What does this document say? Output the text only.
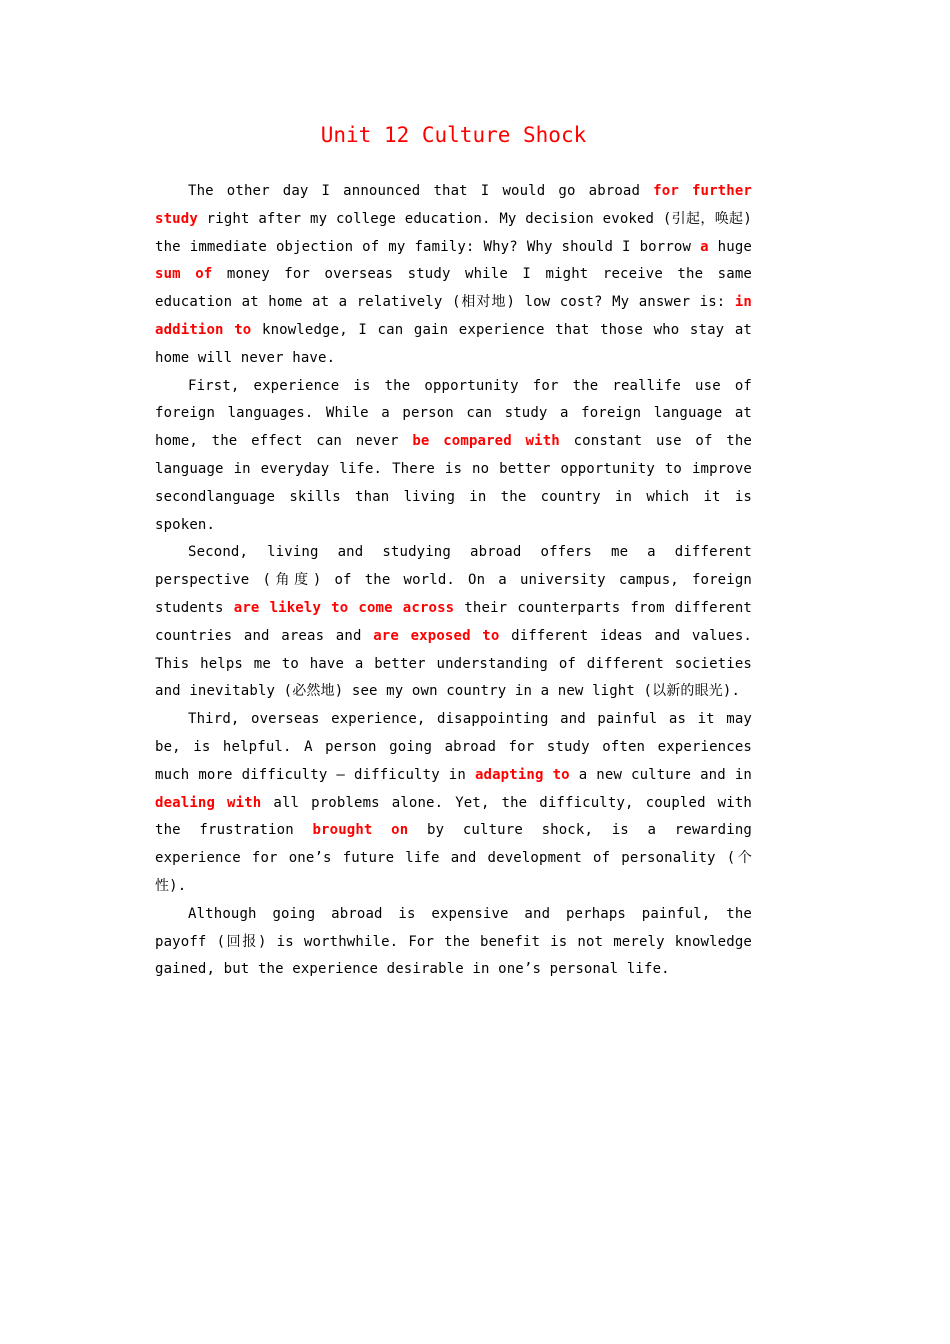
Unit 12 Culture Shock

The other day I announced that I would go abroad for further study right after my college education. My decision evoked (引起，唤起) the immediate objection of my family: Why? Why should I borrow a huge sum of money for overseas study while I might receive the same education at home at a relatively (相对地) low cost? My answer is: in addition to knowledge, I can gain experience that those who stay at home will never have.

First, experience is the opportunity for the reallife use of foreign languages. While a person can study a foreign language at home, the effect can never be compared with constant use of the language in everyday life. There is no better opportunity to improve secondlanguage skills than living in the country in which it is spoken.

Second, living and studying abroad offers me a different perspective (角度) of the world. On a university campus, foreign students are likely to come across their counterparts from different countries and areas and are exposed to different ideas and values. This helps me to have a better understanding of different societies and inevitably (必然地) see my own country in a new light (以新的眼光).

Third, overseas experience, disappointing and painful as it may be, is helpful. A person going abroad for study often experiences much more difficulty — difficulty in adapting to a new culture and in dealing with all problems alone. Yet, the difficulty, coupled with the frustration brought on by culture shock, is a rewarding experience for one’s future life and development of personality (个性).

Although going abroad is expensive and perhaps painful, the payoff (回报) is worthwhile. For the benefit is not merely knowledge gained, but the experience desirable in one’s personal life.
